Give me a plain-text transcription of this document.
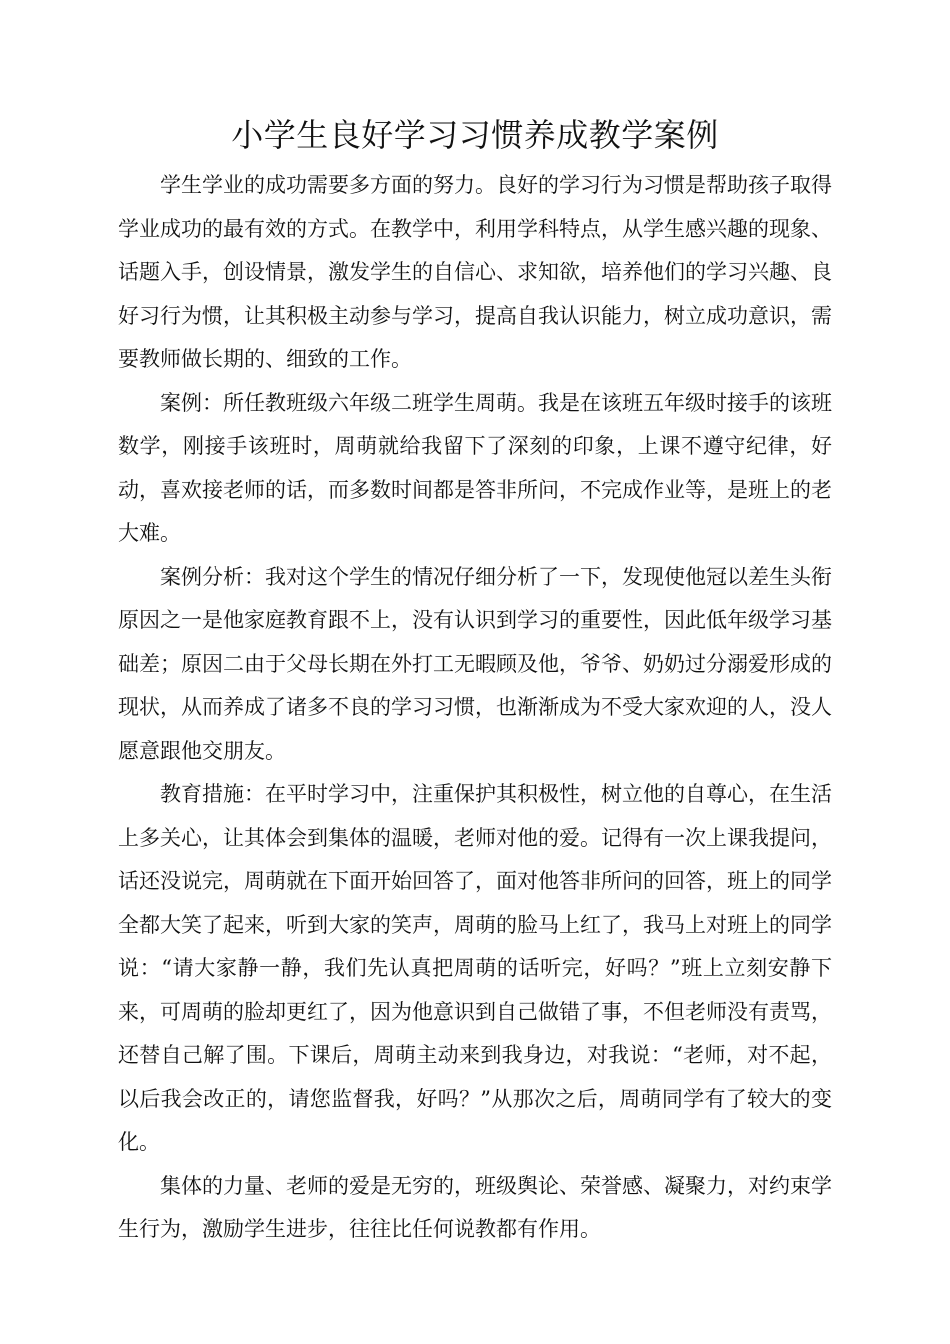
小学生良好学习习惯养成教学案例

学生学业的成功需要多方面的努力。良好的学习行为习惯是帮助孩子取得学业成功的最有效的方式。在教学中，利用学科特点，从学生感兴趣的现象、话题入手，创设情景，激发学生的自信心、求知欲，培养他们的学习兴趣、良好习行为惯，让其积极主动参与学习，提高自我认识能力，树立成功意识，需要教师做长期的、细致的工作。

案例：所任教班级六年级二班学生周萌。我是在该班五年级时接手的该班数学，刚接手该班时，周萌就给我留下了深刻的印象，上课不遵守纪律，好动，喜欢接老师的话，而多数时间都是答非所问，不完成作业等，是班上的老大难。

案例分析：我对这个学生的情况仔细分析了一下，发现使他冠以差生头衔原因之一是他家庭教育跟不上，没有认识到学习的重要性，因此低年级学习基础差；原因二由于父母长期在外打工无暇顾及他，爷爷、奶奶过分溺爱形成的现状，从而养成了诸多不良的学习习惯，也渐渐成为不受大家欢迎的人，没人愿意跟他交朋友。

教育措施：在平时学习中，注重保护其积极性，树立他的自尊心，在生活上多关心，让其体会到集体的温暖，老师对他的爱。记得有一次上课我提问，话还没说完，周萌就在下面开始回答了，面对他答非所问的回答，班上的同学全都大笑了起来，听到大家的笑声，周萌的脸马上红了，我马上对班上的同学说：“请大家静一静，我们先认真把周萌的话听完，好吗？”班上立刻安静下来，可周萌的脸却更红了，因为他意识到自己做错了事，不但老师没有责骂，还替自己解了围。下课后，周萌主动来到我身边，对我说：“老师，对不起，以后我会改正的，请您监督我，好吗？”从那次之后，周萌同学有了较大的变化。

集体的力量、老师的爱是无穷的，班级舆论、荣誉感、凝聚力，对约束学生行为，激励学生进步，往往比任何说教都有作用。
